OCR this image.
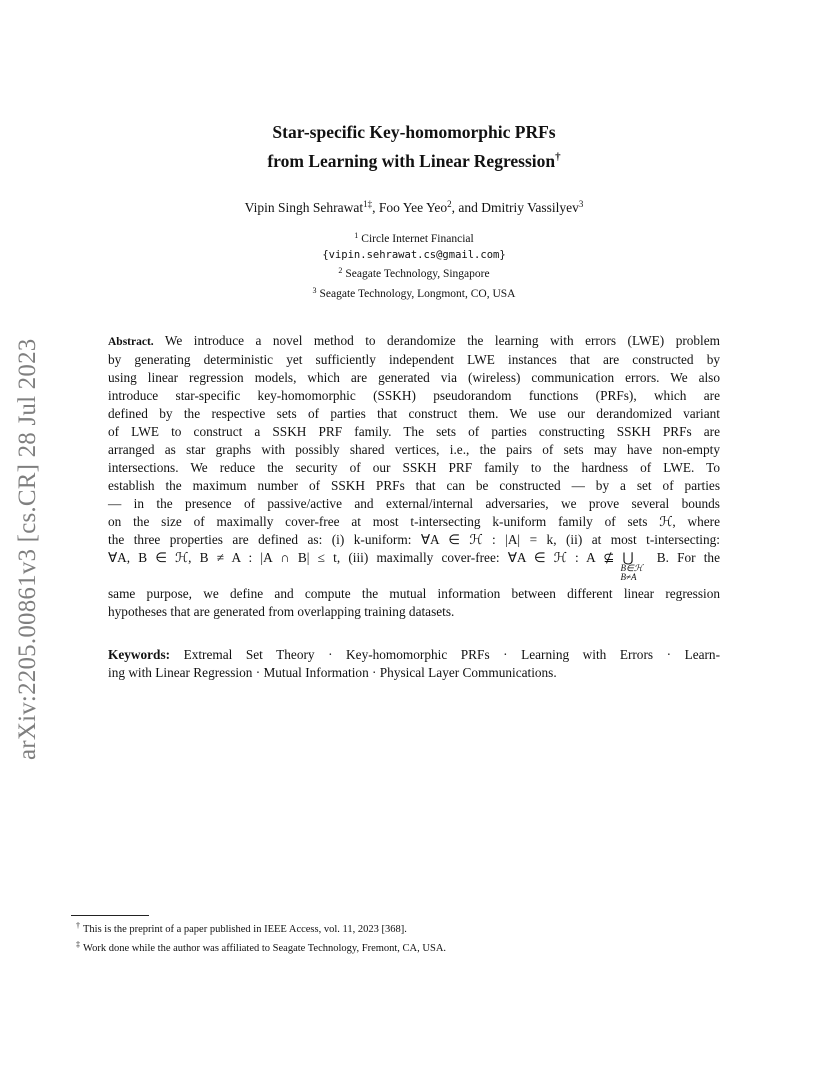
arXiv:2205.00861v3 [cs.CR] 28 Jul 2023
Star-specific Key-homomorphic PRFs
from Learning with Linear Regression†
Vipin Singh Sehrawat$^{1\ddagger}$, Foo Yee Yeo$^2$, and Dmitriy Vassilyev$^3$
$^1$ Circle Internet Financial
{vipin.sehrawat.cs@gmail.com}
$^2$ Seagate Technology, Singapore
$^3$ Seagate Technology, Longmont, CO, USA
Abstract. We introduce a novel method to derandomize the learning with errors (LWE) problem
by generating deterministic yet sufficiently independent LWE instances that are constructed by
using linear regression models, which are generated via (wireless) communication errors. We also
introduce star-specific key-homomorphic (SSKH) pseudorandom functions (PRFs), which are
defined by the respective sets of parties that construct them. We use our derandomized variant
of LWE to construct a SSKH PRF family. The sets of parties constructing SSKH PRFs are
arranged as star graphs with possibly shared vertices, i.e., the pairs of sets may have non-empty
intersections. We reduce the security of our SSKH PRF family to the hardness of LWE. To
establish the maximum number of SSKH PRFs that can be constructed — by a set of parties
— in the presence of passive/active and external/internal adversaries, we prove several bounds
on the size of maximally cover-free at most t-intersecting k-uniform family of sets ℋ, where
the three properties are defined as: (i) k-uniform: ∀A ∈ ℋ : |A| = k, (ii) at most t-intersecting:
∀A, B ∈ ℋ, B ≠ A : |A ∩ B| ≤ t, (iii) maximally cover-free: ∀A ∈ ℋ : A ⊈ ⋃
B∈ℋ
B≠A
B. For the
same purpose, we define and compute the mutual information between different linear regression
hypotheses that are generated from overlapping training datasets.
Keywords: Extremal Set Theory · Key-homomorphic PRFs · Learning with Errors · Learn-
ing with Linear Regression · Mutual Information · Physical Layer Communications.
† This is the preprint of a paper published in IEEE Access, vol. 11, 2023 [368].
‡ Work done while the author was affiliated to Seagate Technology, Fremont, CA, USA.
